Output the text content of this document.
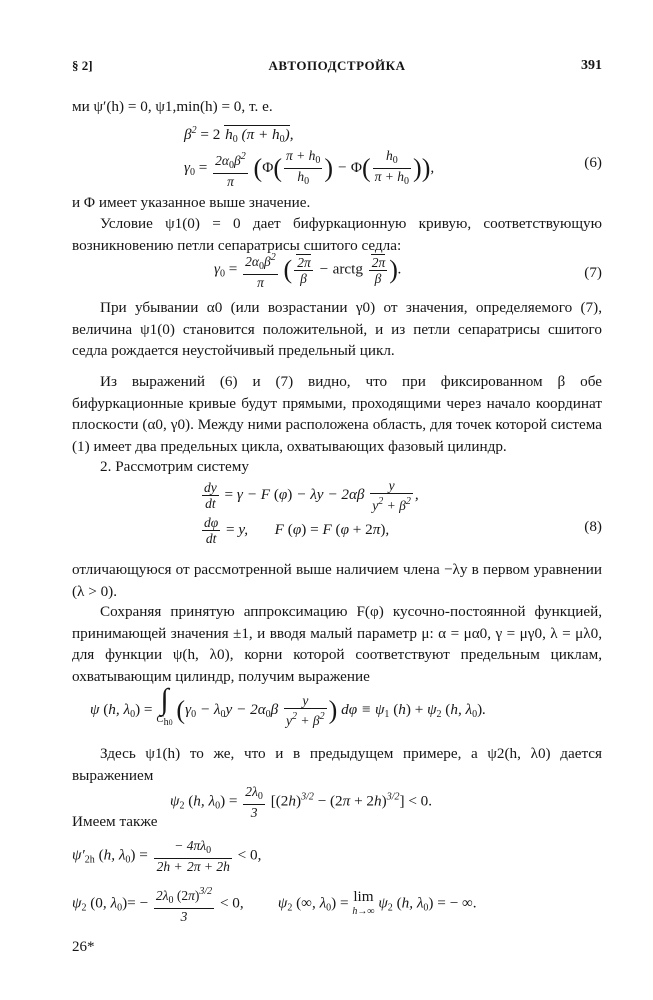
§ 2]	АВТОПОДСТРОЙКА	391
ми ψ′(h) = 0, ψ1,min(h) = 0, т. е.
$\beta^2 = 2$ $h_0$ $(\pi + h_0)$,
$\gamma_0 = \frac{2\alpha_0\beta^2}{\pi} (\Phi( \frac{\pi + h_0}{h_0}$ ) − $\Phi( \frac{h_0}{\pi + h_0}$ )),	(6)
и Φ имеет указанное выше значение.
Условие ψ1(0) = 0 дает бифуркационную кривую, соответствующую возникновению петли сепаратрисы сшитого седла:
$\gamma_0 = \frac{2\alpha_0\beta^2}{\pi}$ ( $\frac{2\pi}{\beta}$ − arctg $\frac{2\pi}{\beta}$ ).	(7)
При убывании α0 (или возрастании γ0) от значения, определяемого (7), величина ψ1(0) становится положительной, и из петли сепаратрисы сшитого седла рождается неустойчивый предельный цикл.
Из выражений (6) и (7) видно, что при фиксированном β обе бифуркационные кривые будут прямыми, проходящими через начало координат плоскости (α0, γ0). Между ними расположена область, для точек которой система (1) имеет два предельных цикла, охватывающих фазовый цилиндр.
2. Рассмотрим систему
$\frac{dy}{dt} = \gamma - F$ $(\varphi) - \lambda y - 2\alpha\beta \frac{y}{y^2 + \beta^2}$ ,
$\frac{d\varphi}{dt} = y$,       F (φ) = F (φ + 2π),	(8)
отличающуюся от рассмотренной выше наличием члена −λy в первом уравнении (λ > 0).
Сохраняя принятую аппроксимацию F(φ) кусочно-постоянной функцией, принимающей значения ±1, и вводя малый параметр μ: α = μα0, γ = μγ0, λ = μλ0, для функции ψ(h, λ0), корни которой соответствуют предельным циклам, охватывающим цилиндр, получим выражение
ψ (h, $\lambda_0$) = ∫
Ch0 ($\gamma_0 - \lambda_0y - 2\alpha_0\beta \frac{y}{y^2 + \beta^2}$ ) $d\varphi \equiv \psi_1$ $(h) + \psi_2$ (h, $\lambda_0$).
Здесь ψ1(h) то же, что и в предыдущем примере, а ψ2(h, λ0) дается выражением
$\psi_2$ (h, $\lambda_0) = \frac{2\lambda_0}{3} [(2h)^{3/2} - (2\pi + 2h)^{3/2}] < 0$.
Имеем также
$\psi'_{2h}$ (h, $\lambda_0) = \frac{- 4\pi\lambda_0}{2h + 2\pi + 2h} < 0$,
$\psi_2$ (0, $\lambda_0)= - \frac{2\lambda_0 (2\pi)^{3/2}}{3} < 0$,         $\psi_2$ (∞, $\lambda_0) = \lim$
h→∞ $\psi_2$ (h, $\lambda_0$) = − ∞.
26*
